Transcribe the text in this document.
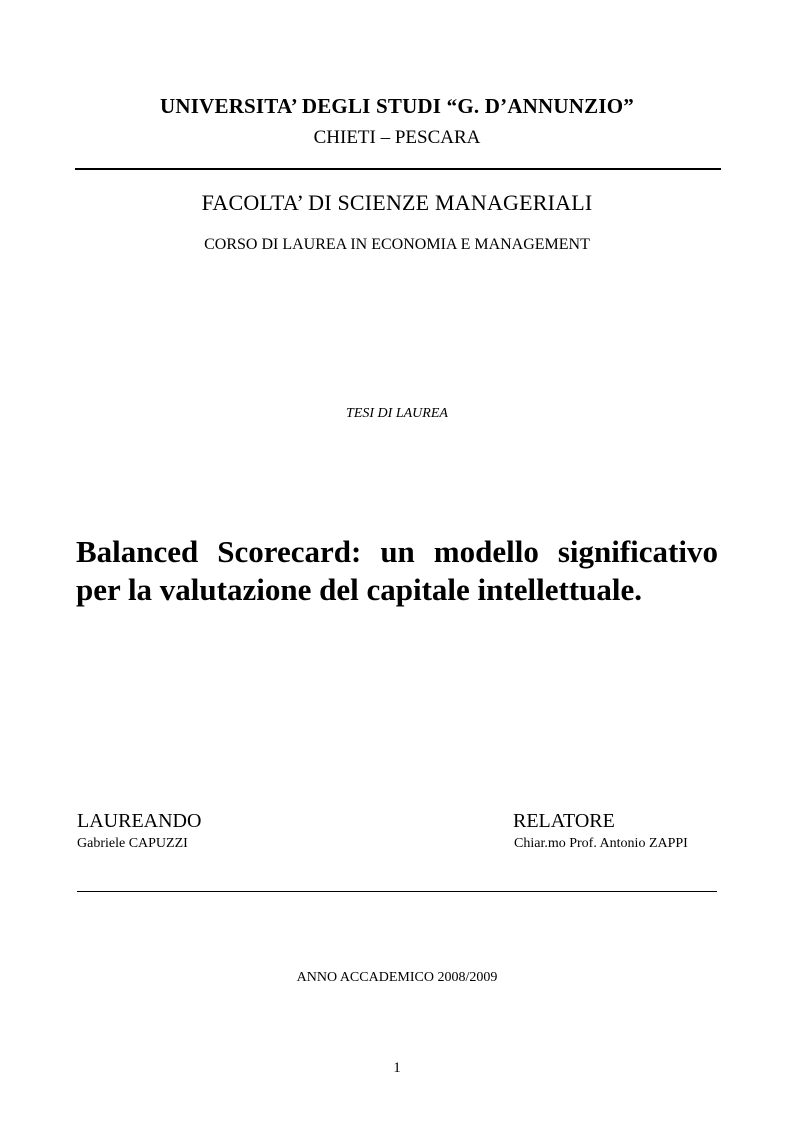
UNIVERSITA’ DEGLI STUDI “G. D’ANNUNZIO”
CHIETI – PESCARA
FACOLTA’ DI SCIENZE MANAGERIALI
CORSO DI LAUREA IN ECONOMIA E MANAGEMENT
TESI DI LAUREA
Balanced Scorecard: un modello significativo per la valutazione del capitale intellettuale.
LAUREANDO
Gabriele CAPUZZI
RELATORE
Chiar.mo Prof. Antonio ZAPPI
ANNO ACCADEMICO 2008/2009
1
